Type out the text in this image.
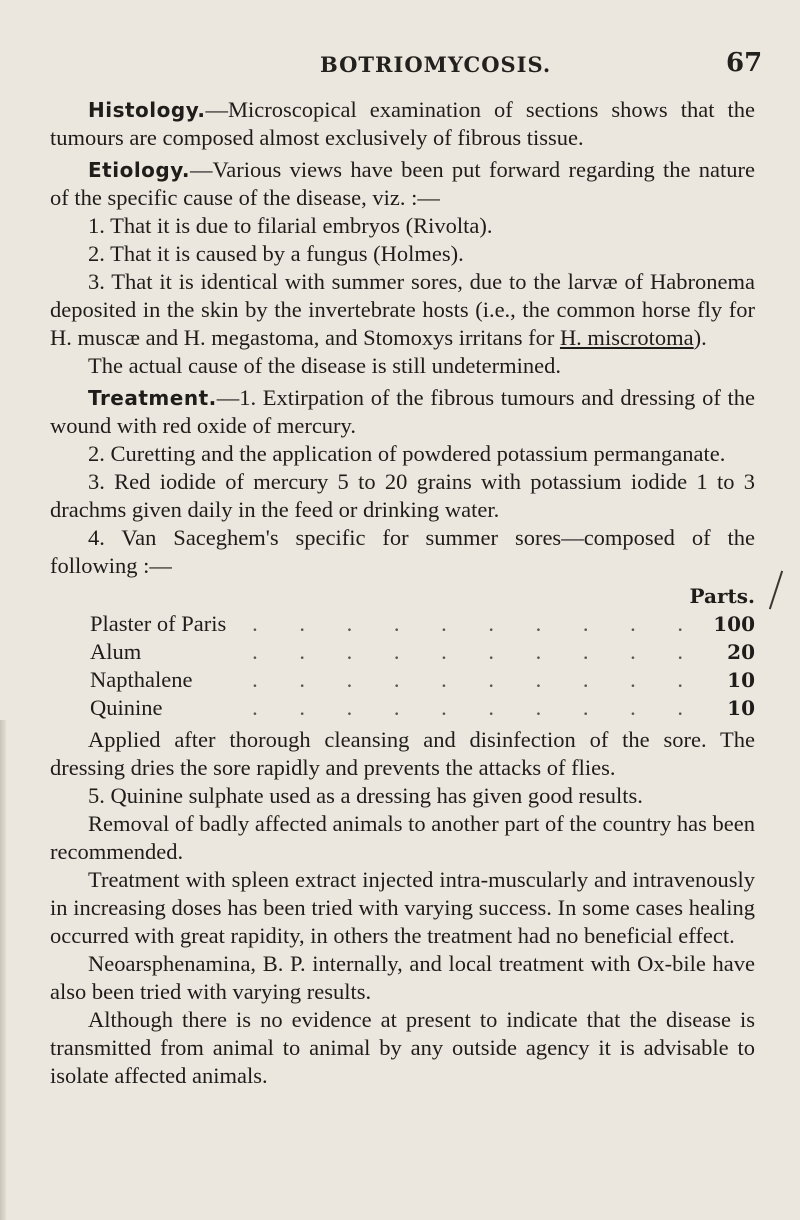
BOTRIOMYCOSIS.	67

Histology.—Microscopical examination of sections shows that the tumours are composed almost exclusively of fibrous tissue.

Etiology.—Various views have been put forward regarding the nature of the specific cause of the disease, viz. :—

1. That it is due to filarial embryos (Rivolta).

2. That it is caused by a fungus (Holmes).

3. That it is identical with summer sores, due to the larvæ of Habronema deposited in the skin by the invertebrate hosts (i.e., the common horse fly for H. muscæ and H. megastoma, and Stomoxys irritans for H. miscrotoma).

The actual cause of the disease is still undetermined.

Treatment.—1. Extirpation of the fibrous tumours and dressing of the wound with red oxide of mercury.

2. Curetting and the application of powdered potassium permanganate.

3. Red iodide of mercury 5 to 20 grains with potassium iodide 1 to 3 drachms given daily in the feed or drinking water.

4. Van Saceghem's specific for summer sores—composed of the following :—

Parts.
Plaster of Paris	. . . . . . . . . . 100
Alum	. . . . . . . . . .	20
Napthalene	. . . . . . . . . .	10
Quinine	. . . . . . . . . .	10

Applied after thorough cleansing and disinfection of the sore. The dressing dries the sore rapidly and prevents the attacks of flies.

5. Quinine sulphate used as a dressing has given good results.

Removal of badly affected animals to another part of the country has been recommended.

Treatment with spleen extract injected intra-muscularly and intravenously in increasing doses has been tried with varying success. In some cases healing occurred with great rapidity, in others the treatment had no beneficial effect.

Neoarsphenamina, B. P. internally, and local treatment with Ox-bile have also been tried with varying results.

Although there is no evidence at present to indicate that the disease is transmitted from animal to animal by any outside agency it is advisable to isolate affected animals.
